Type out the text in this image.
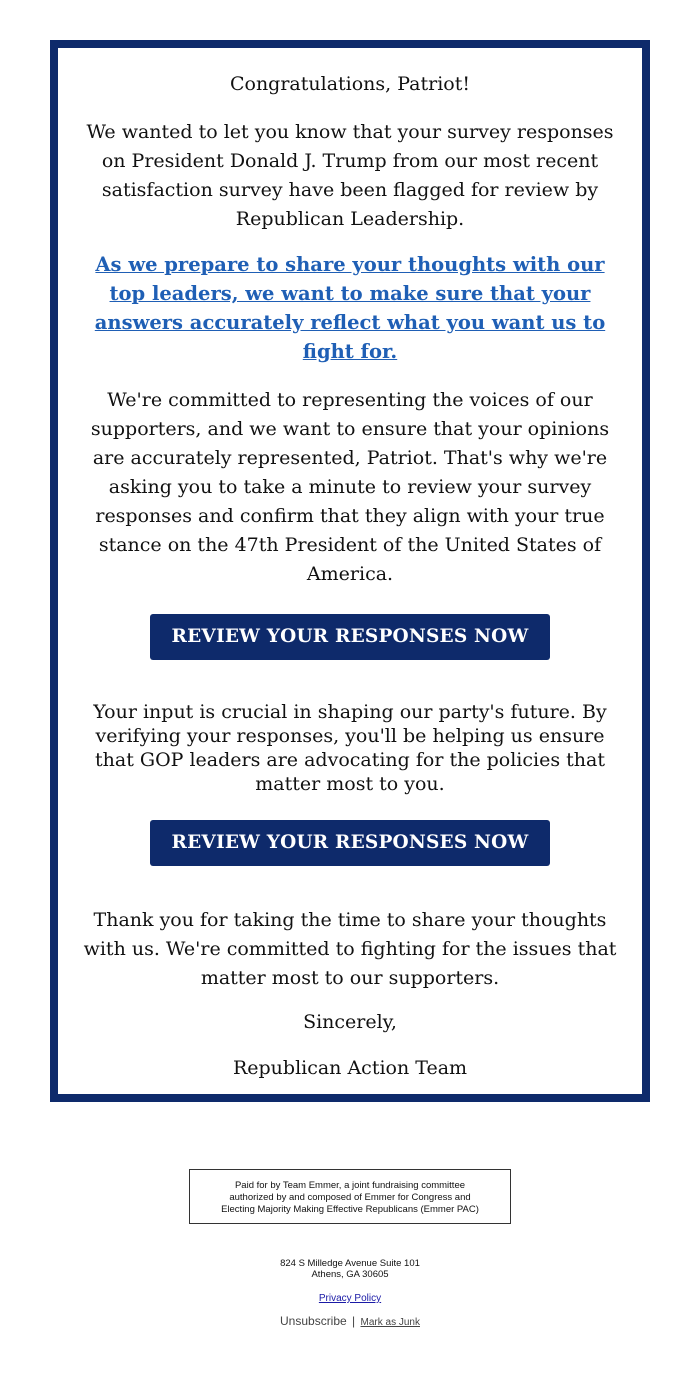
Congratulations, Patriot!

We wanted to let you know that your survey responses on President Donald J. Trump from our most recent satisfaction survey have been flagged for review by Republican Leadership.

As we prepare to share your thoughts with our top leaders, we want to make sure that your answers accurately reflect what you want us to fight for.

We're committed to representing the voices of our supporters, and we want to ensure that your opinions are accurately represented, Patriot. That's why we're asking you to take a minute to review your survey responses and confirm that they align with your true stance on the 47th President of the United States of America.

REVIEW YOUR RESPONSES NOW

Your input is crucial in shaping our party's future. By verifying your responses, you'll be helping us ensure that GOP leaders are advocating for the policies that matter most to you.

REVIEW YOUR RESPONSES NOW

Thank you for taking the time to share your thoughts with us. We're committed to fighting for the issues that matter most to our supporters.

Sincerely,

Republican Action Team

Paid for by Team Emmer, a joint fundraising committee
authorized by and composed of Emmer for Congress and
Electing Majority Making Effective Republicans (Emmer PAC)
824 S Milledge Avenue Suite 101
Athens, GA 30605
Privacy Policy
Unsubscribe | Mark as Junk
